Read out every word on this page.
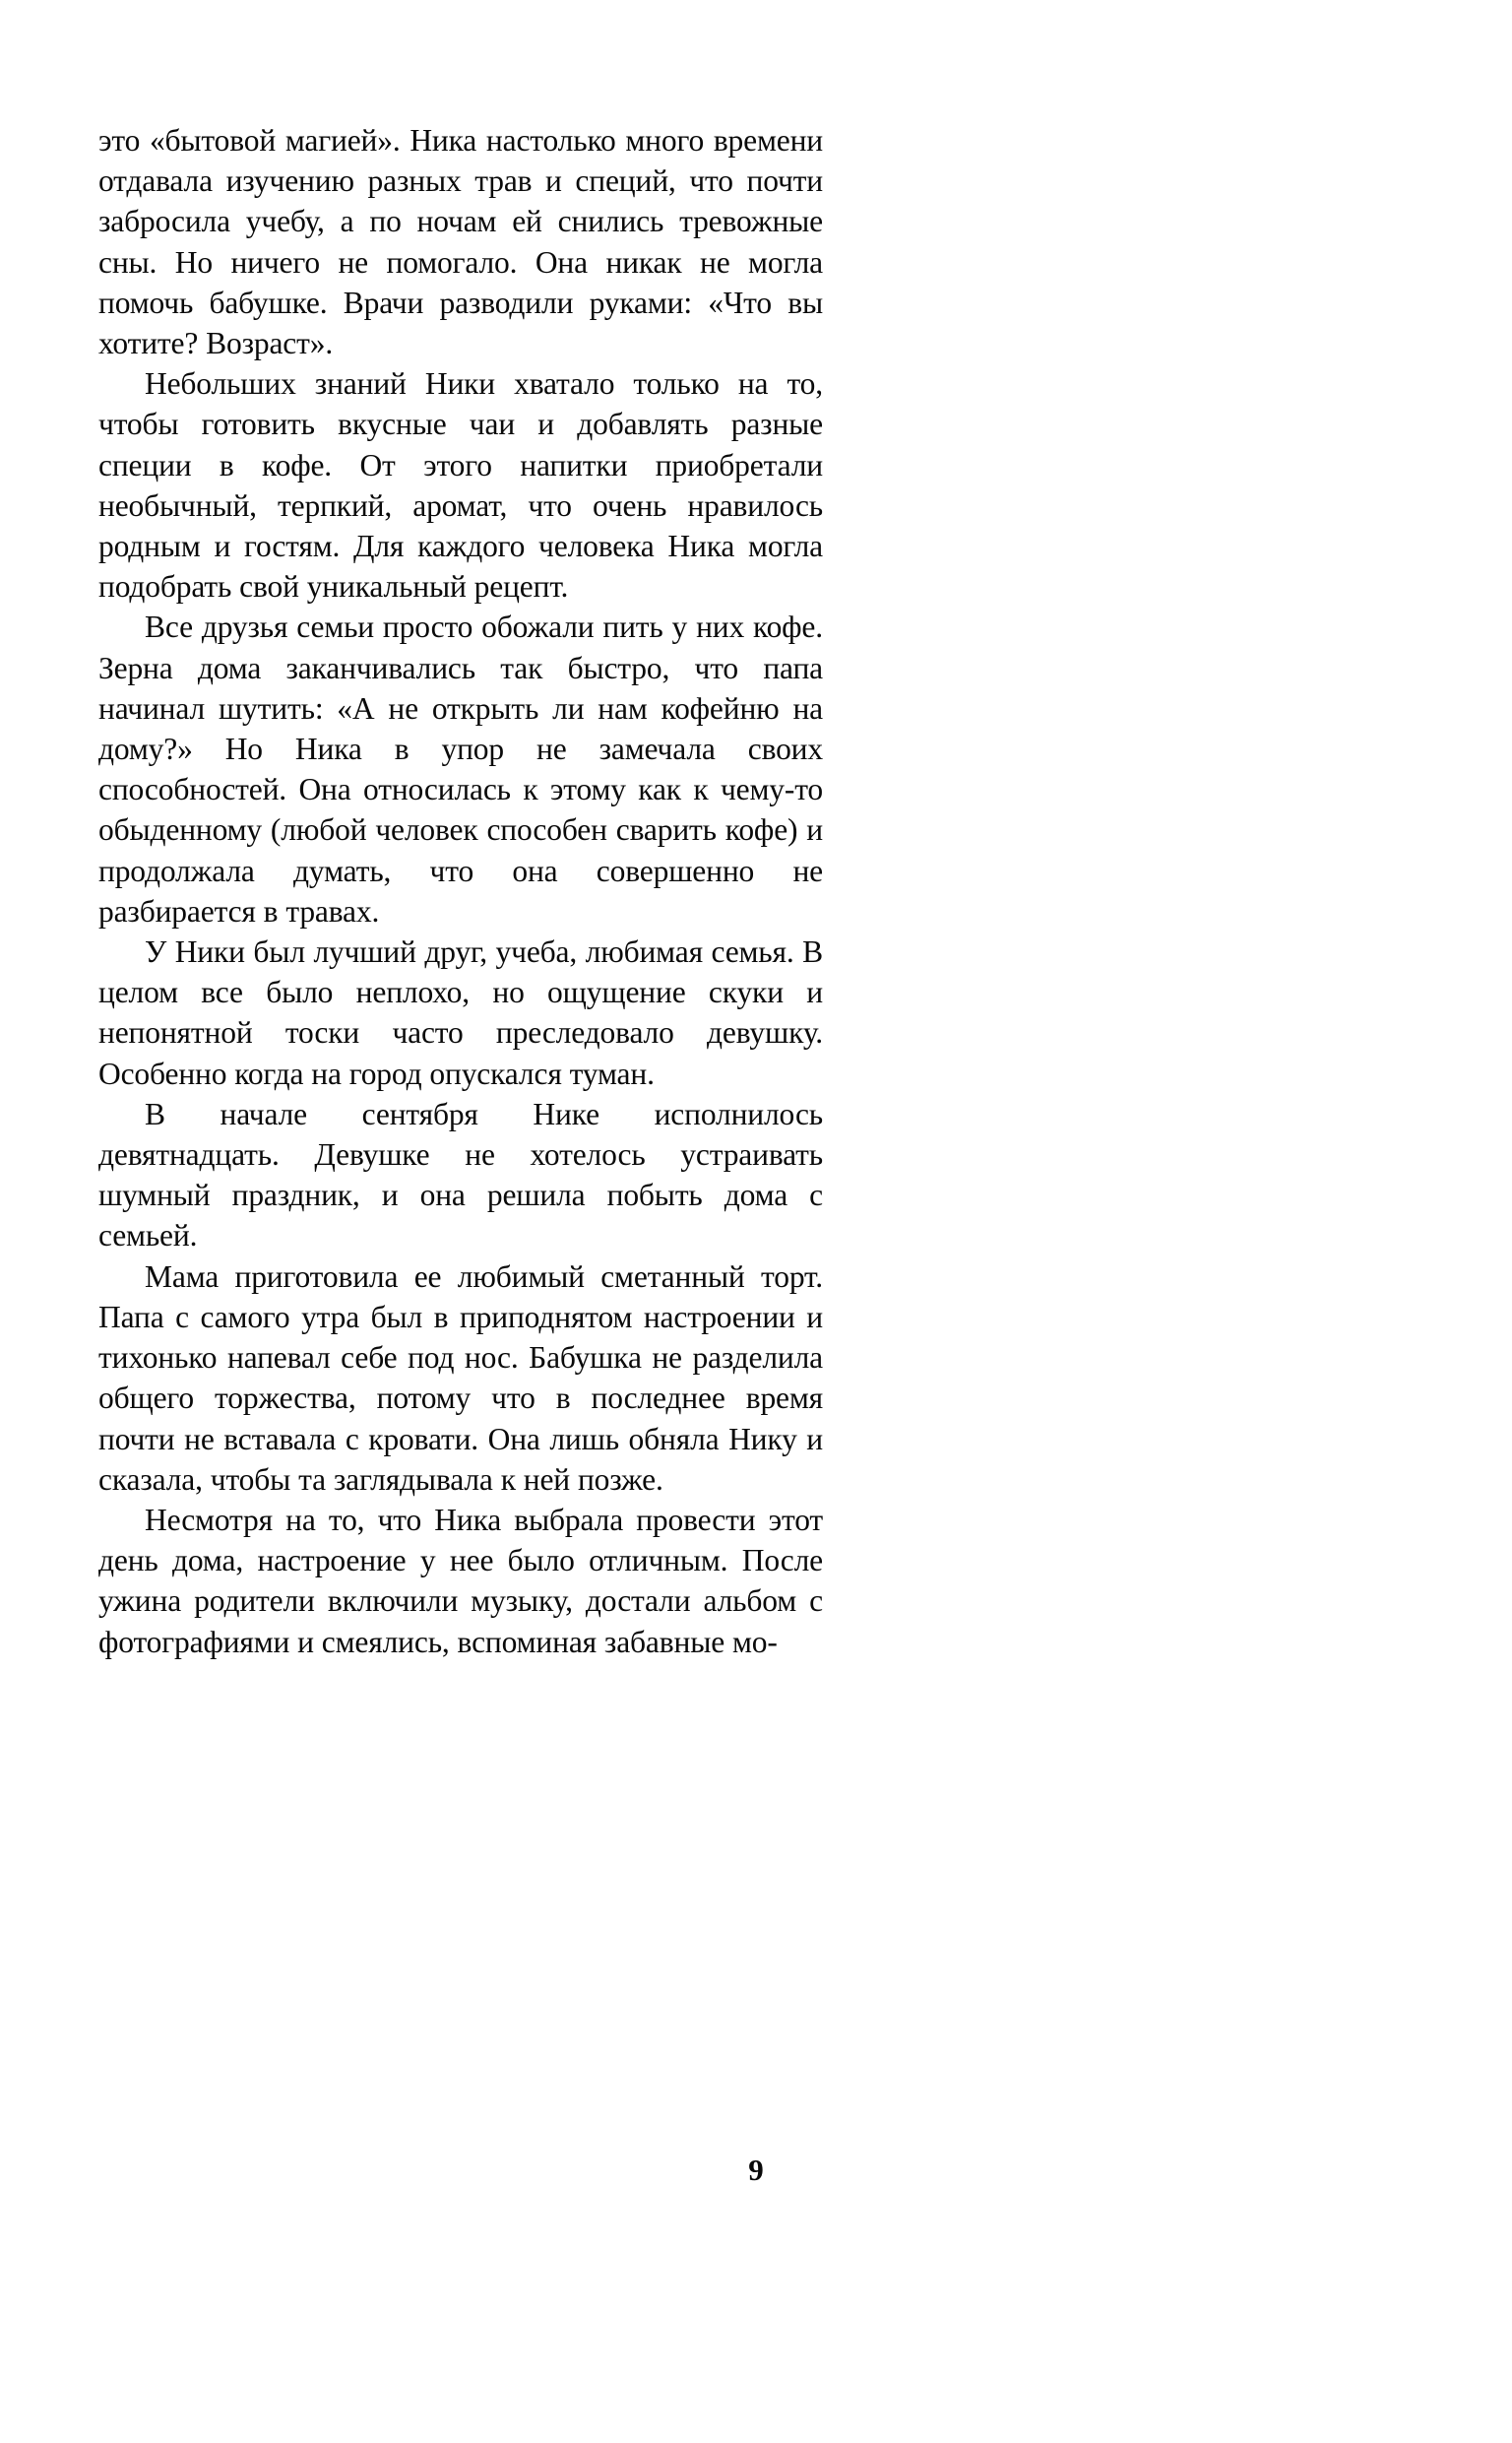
это «бытовой магией». Ника настолько много времени отдавала изучению разных трав и специй, что почти забросила учебу, а по ночам ей снились тревожные сны. Но ничего не помогало. Она никак не могла помочь бабушке. Врачи разводили руками: «Что вы хотите? Возраст».

Небольших знаний Ники хватало только на то, чтобы готовить вкусные чаи и добавлять разные специи в кофе. От этого напитки приобретали необычный, терпкий, аромат, что очень нравилось родным и гостям. Для каждого человека Ника могла подобрать свой уникальный рецепт.

Все друзья семьи просто обожали пить у них кофе. Зерна дома заканчивались так быстро, что папа начинал шутить: «А не открыть ли нам кофейню на дому?» Но Ника в упор не замечала своих способностей. Она относилась к этому как к чему-то обыденному (любой человек способен сварить кофе) и продолжала думать, что она совершенно не разбирается в травах.

У Ники был лучший друг, учеба, любимая семья. В целом все было неплохо, но ощущение скуки и непонятной тоски часто преследовало девушку. Особенно когда на город опускался туман.

В начале сентября Нике исполнилось девятнадцать. Девушке не хотелось устраивать шумный праздник, и она решила побыть дома с семьей.

Мама приготовила ее любимый сметанный торт. Папа с самого утра был в приподнятом настроении и тихонько напевал себе под нос. Бабушка не разделила общего торжества, потому что в последнее время почти не вставала с кровати. Она лишь обняла Нику и сказала, чтобы та заглядывала к ней позже.

Несмотря на то, что Ника выбрала провести этот день дома, настроение у нее было отличным. После ужина родители включили музыку, достали альбом с фотографиями и смеялись, вспоминая забавные мо-

9
